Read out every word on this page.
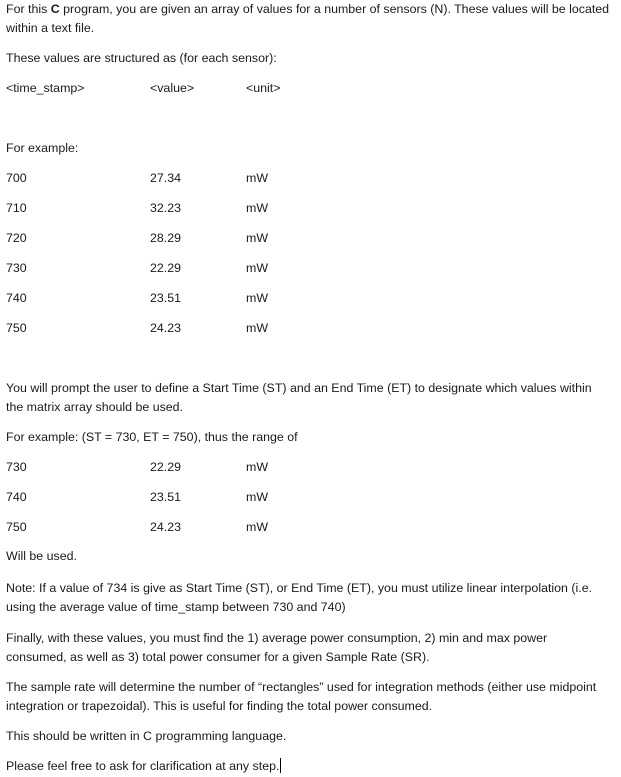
For this C program, you are given an array of values for a number of sensors (N). These values will be located within a text file.
These values are structured as (for each sensor):
<time_stamp>	<value>	<unit>
For example:
700	27.34	mW
710	32.23	mW
720	28.29	mW
730	22.29	mW
740	23.51	mW
750	24.23	mW
You will prompt the user to define a Start Time (ST) and an End Time (ET) to designate which values within the matrix array should be used.
For example: (ST = 730, ET = 750), thus the range of
730	22.29	mW
740	23.51	mW
750	24.23	mW
Will be used.
Note: If a value of 734 is give as Start Time (ST), or End Time (ET), you must utilize linear interpolation (i.e. using the average value of time_stamp between 730 and 740)
Finally, with these values, you must find the 1) average power consumption, 2) min and max power consumed, as well as 3) total power consumer for a given Sample Rate (SR).
The sample rate will determine the number of “rectangles” used for integration methods (either use midpoint integration or trapezoidal). This is useful for finding the total power consumed.
This should be written in C programming language.
Please feel free to ask for clarification at any step.
